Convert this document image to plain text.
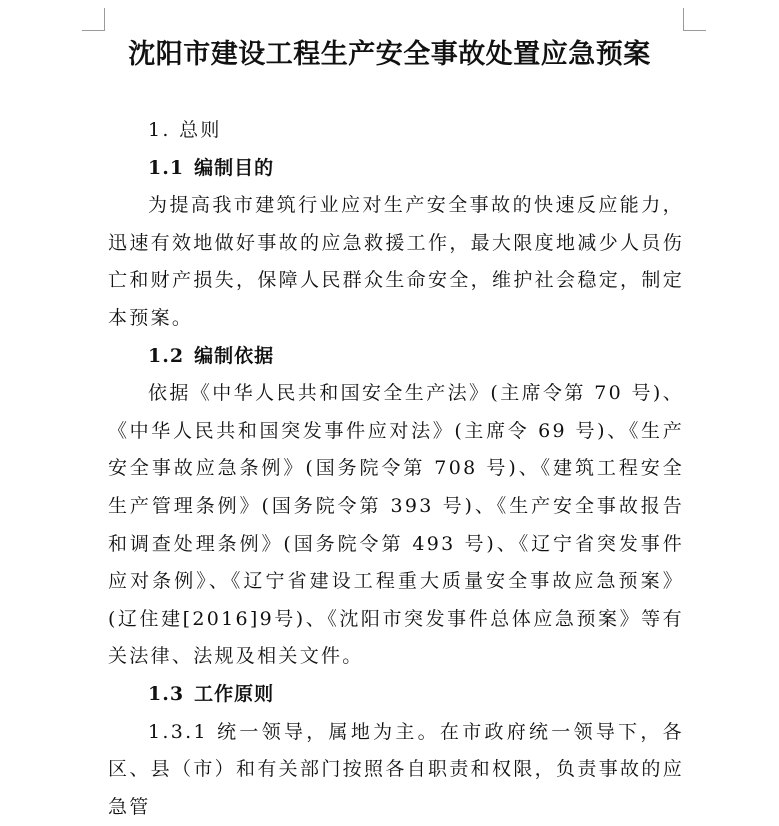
沈阳市建设工程生产安全事故处置应急预案
1. 总则
1.1 编制目的

为提高我市建筑行业应对生产安全事故的快速反应能力，迅速有效地做好事故的应急救援工作，最大限度地减少人员伤亡和财产损失，保障人民群众生命安全，维护社会稳定，制定本预案。

1.2 编制依据

依据《中华人民共和国安全生产法》(主席令第 70 号)、《中华人民共和国突发事件应对法》(主席令 69 号)、《生产安全事故应急条例》(国务院令第 708 号)、《建筑工程安全生产管理条例》(国务院令第 393 号)、《生产安全事故报告和调查处理条例》(国务院令第 493 号)、《辽宁省突发事件应对条例》、《辽宁省建设工程重大质量安全事故应急预案》(辽住建[2016]9号)、《沈阳市突发事件总体应急预案》等有关法律、法规及相关文件。

1.3 工作原则

1.3.1 统一领导，属地为主。在市政府统一领导下，各区、县（市）和有关部门按照各自职责和权限，负责事故的应急管
